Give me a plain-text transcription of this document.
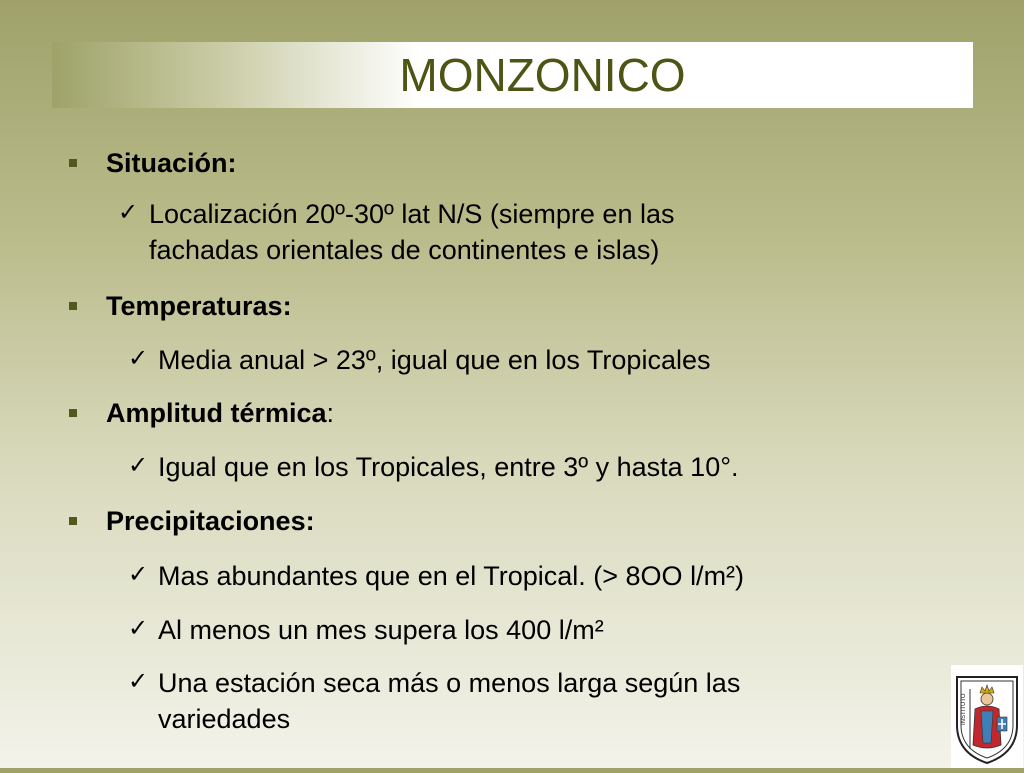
MONZONICO
Situación:
✓ Localización 20º-30º lat N/S (siempre en las
fachadas orientales de continentes e islas)
Temperaturas:
✓ Media anual > 23º, igual que en los Tropicales
Amplitud térmica:
✓ Igual que en los Tropicales, entre 3º y hasta 10°.
Precipitaciones:
✓ Mas abundantes que en el Tropical. (> 8OO l/m²)
✓ Al menos un mes supera los 400 l/m²
✓ Una estación seca más o menos larga según las
variedades	INSTITUTO
